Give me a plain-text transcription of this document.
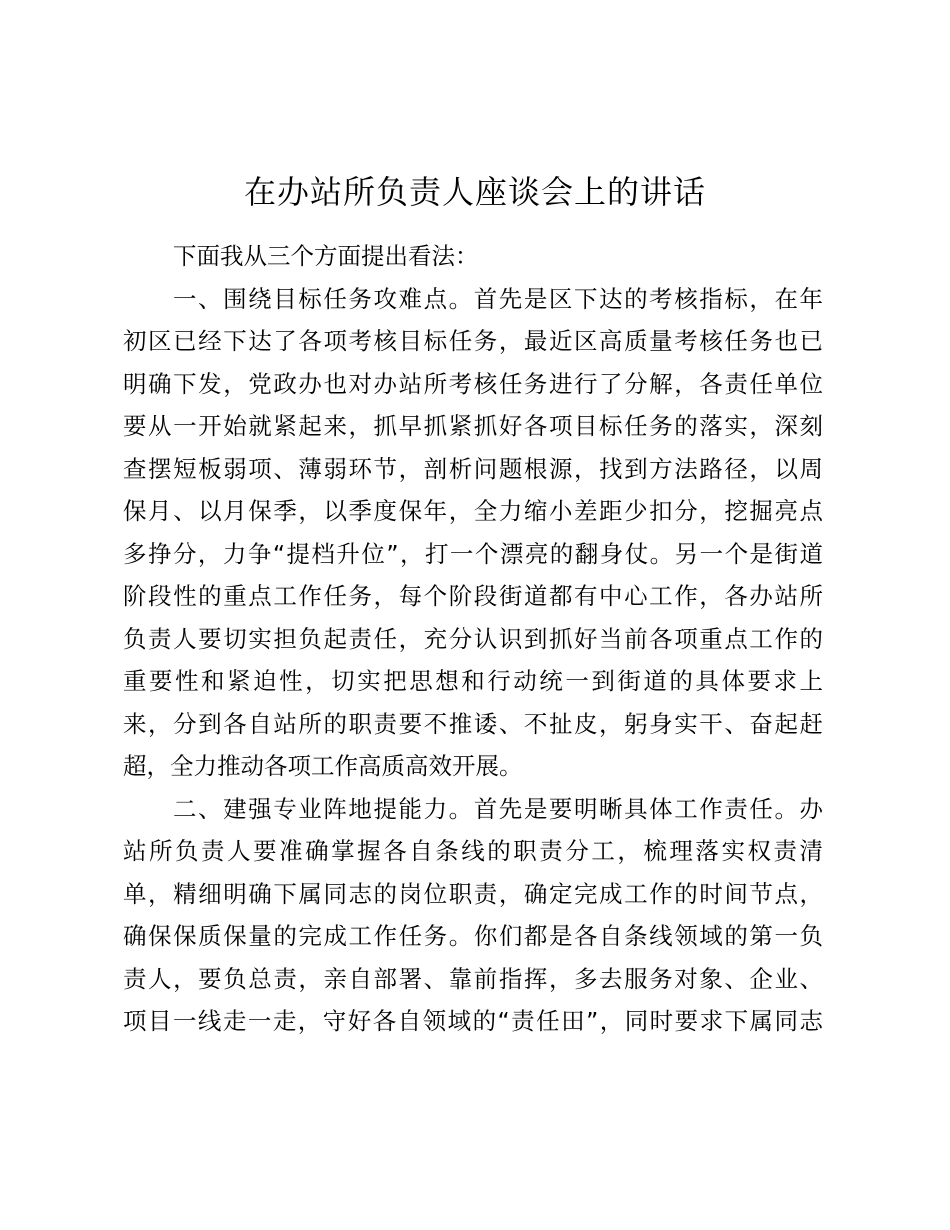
在办站所负责人座谈会上的讲话
下面我从三个方面提出看法：
一、围绕目标任务攻难点。首先是区下达的考核指标，在年
初区已经下达了各项考核目标任务，最近区高质量考核任务也已
明确下发，党政办也对办站所考核任务进行了分解，各责任单位
要从一开始就紧起来，抓早抓紧抓好各项目标任务的落实，深刻
查摆短板弱项、薄弱环节，剖析问题根源，找到方法路径，以周
保月、以月保季，以季度保年，全力缩小差距少扣分，挖掘亮点
多挣分，力争“提档升位”，打一个漂亮的翻身仗。另一个是街道
阶段性的重点工作任务，每个阶段街道都有中心工作，各办站所
负责人要切实担负起责任，充分认识到抓好当前各项重点工作的
重要性和紧迫性，切实把思想和行动统一到街道的具体要求上
来，分到各自站所的职责要不推诿、不扯皮，躬身实干、奋起赶
超，全力推动各项工作高质高效开展。
二、建强专业阵地提能力。首先是要明晰具体工作责任。办
站所负责人要准确掌握各自条线的职责分工，梳理落实权责清
单，精细明确下属同志的岗位职责，确定完成工作的时间节点，
确保保质保量的完成工作任务。你们都是各自条线领域的第一负
责人，要负总责，亲自部署、靠前指挥，多去服务对象、企业、
项目一线走一走，守好各自领域的“责任田”，同时要求下属同志
